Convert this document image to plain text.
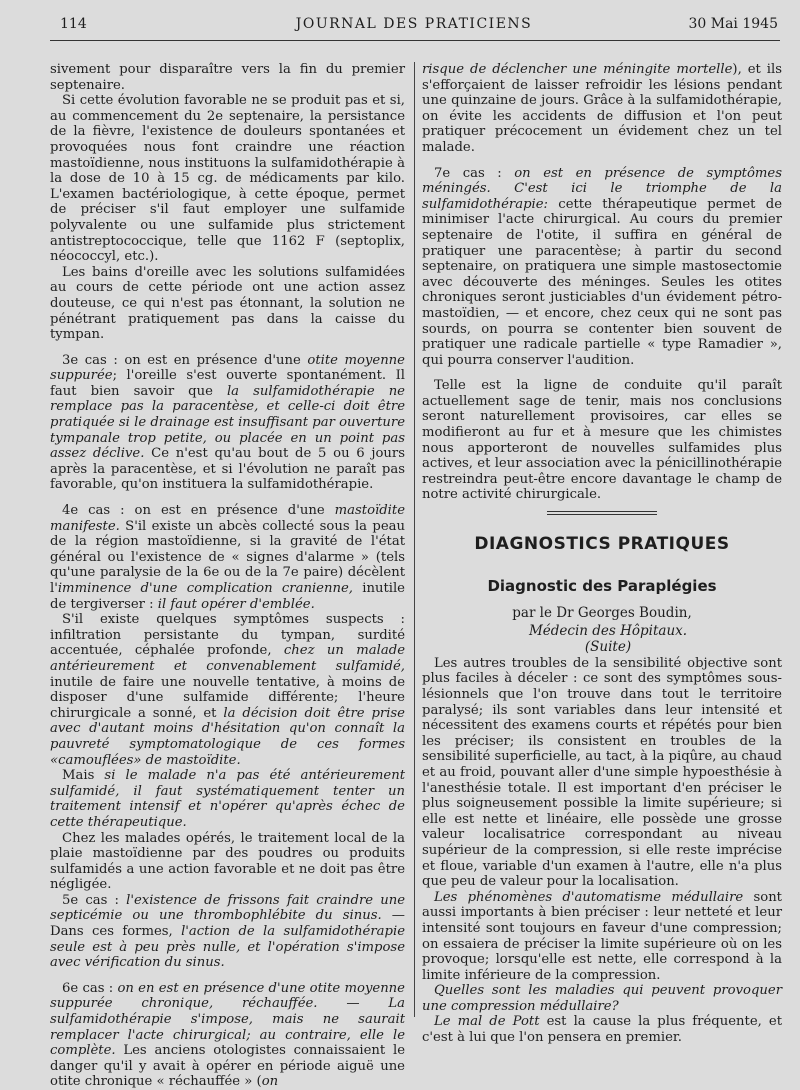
114	JOURNAL DES PRATICIENS	30 Mai 1945

sivement pour disparaître vers la fin du premier septenaire.

Si cette évolution favorable ne se produit pas et si, au commencement du 2e septenaire, la persistance de la fièvre, l'existence de douleurs spontanées et provoquées nous font craindre une réaction mastoïdienne, nous instituons la sulfamidothérapie à la dose de 10 à 15 cg. de médicaments par kilo. L'examen bactériologique, à cette époque, permet de préciser s'il faut employer une sulfamide polyvalente ou une sulfamide plus strictement antistreptococcique, telle que 1162 F (septoplix, néococcyl, etc.).

Les bains d'oreille avec les solutions sulfamidées au cours de cette période ont une action assez douteuse, ce qui n'est pas étonnant, la solution ne pénétrant pratiquement pas dans la caisse du tympan.

3e cas : on est en présence d'une otite moyenne suppurée; l'oreille s'est ouverte spontanément. Il faut bien savoir que la sulfamidothérapie ne remplace pas la paracentèse, et celle-ci doit être pratiquée si le drainage est insuffisant par ouverture tympanale trop petite, ou placée en un point pas assez déclive. Ce n'est qu'au bout de 5 ou 6 jours après la paracentèse, et si l'évolution ne paraît pas favorable, qu'on instituera la sulfamidothérapie.

4e cas : on est en présence d'une mastoïdite manifeste. S'il existe un abcès collecté sous la peau de la région mastoïdienne, si la gravité de l'état général ou l'existence de « signes d'alarme » (tels qu'une paralysie de la 6e ou de la 7e paire) décèlent l'imminence d'une complication cranienne, inutile de tergiverser : il faut opérer d'emblée.

S'il existe quelques symptômes suspects : infiltration persistante du tympan, surdité accentuée, céphalée profonde, chez un malade antérieurement et convenablement sulfamidé, inutile de faire une nouvelle tentative, à moins de disposer d'une sulfamide différente; l'heure chirurgicale a sonné, et la décision doit être prise avec d'autant moins d'hésitation qu'on connaît la pauvreté symptomatologique de ces formes «camouflées» de mastoïdite.

Mais si le malade n'a pas été antérieurement sulfamidé, il faut systématiquement tenter un traitement intensif et n'opérer qu'après échec de cette thérapeutique.

Chez les malades opérés, le traitement local de la plaie mastoïdienne par des poudres ou produits sulfamidés a une action favorable et ne doit pas être négligée.

5e cas : l'existence de frissons fait craindre une septicémie ou une thrombophlébite du sinus. — Dans ces formes, l'action de la sulfamidothérapie seule est à peu près nulle, et l'opération s'impose avec vérification du sinus.

6e cas : on en est en présence d'une otite moyenne suppurée chronique, réchauffée. — La sulfamidothérapie s'impose, mais ne saurait remplacer l'acte chirurgical; au contraire, elle le complète. Les anciens otologistes connaissaient le danger qu'il y avait à opérer en période aiguë une otite chronique « réchauffée » (on

risque de déclencher une méningite mortelle), et ils s'efforçaient de laisser refroidir les lésions pendant une quinzaine de jours. Grâce à la sulfamidothérapie, on évite les accidents de diffusion et l'on peut pratiquer précocement un évidement chez un tel malade.

7e cas : on est en présence de symptômes méningés. C'est ici le triomphe de la sulfamidothérapie: cette thérapeutique permet de minimiser l'acte chirurgical. Au cours du premier septenaire de l'otite, il suffira en général de pratiquer une paracentèse; à partir du second septenaire, on pratiquera une simple mastosectomie avec découverte des méninges. Seules les otites chroniques seront justiciables d'un évidement pétro-mastoïdien, — et encore, chez ceux qui ne sont pas sourds, on pourra se contenter bien souvent de pratiquer une radicale partielle « type Ramadier », qui pourra conserver l'audition.

Telle est la ligne de conduite qu'il paraît actuellement sage de tenir, mais nos conclusions seront naturellement provisoires, car elles se modifieront au fur et à mesure que les chimistes nous apporteront de nouvelles sulfamides plus actives, et leur association avec la pénicillinothérapie restreindra peut-être encore davantage le champ de notre activité chirurgicale.

DIAGNOSTICS PRATIQUES
Diagnostic des Paraplégies

par le Dr Georges Boudin,

Médecin des Hôpitaux.

(Suite)

Les autres troubles de la sensibilité objective sont plus faciles à déceler : ce sont des symptômes sous-lésionnels que l'on trouve dans tout le territoire paralysé; ils sont variables dans leur intensité et nécessitent des examens courts et répétés pour bien les préciser; ils consistent en troubles de la sensibilité superficielle, au tact, à la piqûre, au chaud et au froid, pouvant aller d'une simple hypoesthésie à l'anesthésie totale. Il est important d'en préciser le plus soigneusement possible la limite supérieure; si elle est nette et linéaire, elle possède une grosse valeur localisatrice correspondant au niveau supérieur de la compression, si elle reste imprécise et floue, variable d'un examen à l'autre, elle n'a plus que peu de valeur pour la localisation.

Les phénomènes d'automatisme médullaire sont aussi importants à bien préciser : leur netteté et leur intensité sont toujours en faveur d'une compression; on essaiera de préciser la limite supérieure où on les provoque; lorsqu'elle est nette, elle correspond à la limite inférieure de la compression.

Quelles sont les maladies qui peuvent provoquer une compression médullaire?

Le mal de Pott est la cause la plus fréquente, et c'est à lui que l'on pensera en premier.
